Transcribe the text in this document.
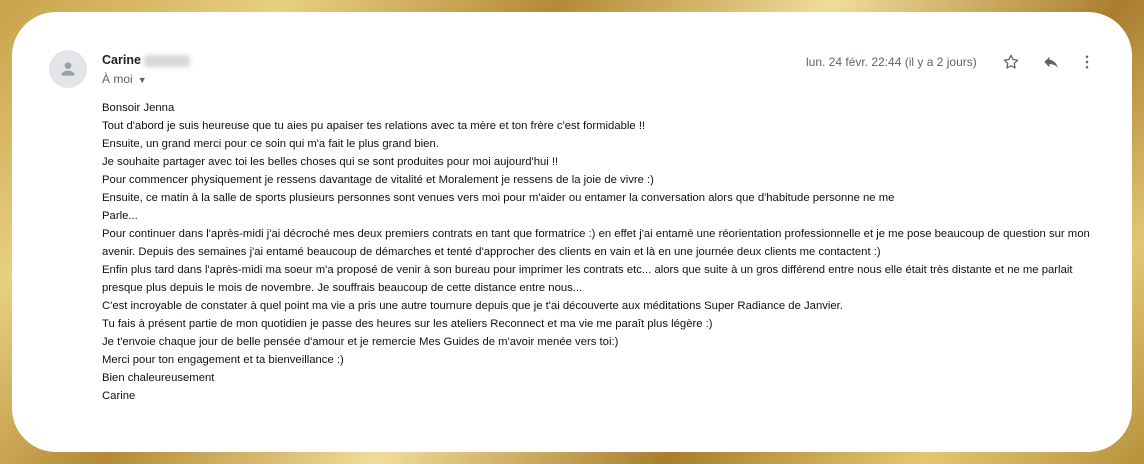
Carine
À moi ▼
lun. 24 févr. 22:44 (il y a 2 jours)

Bonsoir Jenna

Tout d'abord je suis heureuse que tu aies pu apaiser tes relations avec ta mère et ton frère c'est formidable !!

Ensuite, un grand merci pour ce soin qui m'a fait le plus grand bien.

Je souhaite partager avec toi les belles choses qui se sont produites pour moi aujourd'hui !!

Pour commencer physiquement je ressens davantage de vitalité et Moralement je ressens de la joie de vivre :)

Ensuite, ce matin à la salle de sports plusieurs personnes sont venues vers moi pour m'aider ou entamer la conversation alors que d'habitude personne ne me

Parle...

Pour continuer dans l'après-midi j'ai décroché mes deux premiers contrats en tant que formatrice :) en effet j'ai entamé une réorientation professionnelle et je me pose beaucoup de question sur mon avenir. Depuis des semaines j'ai entamé beaucoup de démarches et tenté d'approcher des clients en vain et là en une journée deux clients me contactent :)

Enfin plus tard dans l'après-midi ma soeur m'a proposé de venir à son bureau pour imprimer les contrats etc... alors que suite à un gros différend entre nous elle était très distante et ne me parlait presque plus depuis le mois de novembre. Je souffrais beaucoup de cette distance entre nous...

C'est incroyable de constater à quel point ma vie a pris une autre tournure depuis que je t'ai découverte aux méditations Super Radiance de Janvier.

Tu fais à présent partie de mon quotidien je passe des heures sur les ateliers Reconnect et ma vie me paraît plus légère :)

Je t'envoie chaque jour de belle pensée d'amour et je remercie Mes Guides de m'avoir menée vers toi:)

Merci pour ton engagement et ta bienveillance :)

Bien chaleureusement

Carine
